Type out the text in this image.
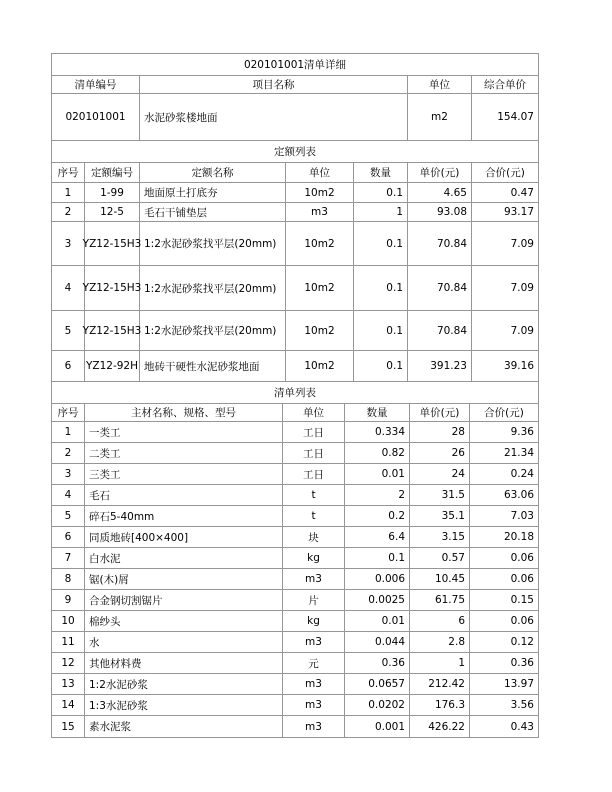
020101001清单详细
清单编号	项目名称	单位	综合单价
020101001	水泥砂浆楼地面	m2	154.07
定额列表
序号	定额编号	定额名称	单位	数量	单价(元)	合价(元)
1	1-99 地面原土打底夯	10m2	0.1	4.65	0.47
2	12-5 毛石干铺垫层	m3	1	93.08	93.17
3	YZ12-15H3 1:2水泥砂浆找平层(20mm)	10m2	0.1	70.84	7.09
4	YZ12-15H3 1:2水泥砂浆找平层(20mm)	10m2	0.1	70.84	7.09
5	YZ12-15H3 1:2水泥砂浆找平层(20mm)	10m2	0.1	70.84	7.09
6	YZ12-92H 地砖干硬性水泥砂浆地面	10m2	0.1	391.23	39.16
清单列表
序号	主材名称、规格、型号	单位	数量	单价(元)	合价(元)
1	一类工	工日	0.334	28	9.36
2	二类工	工日	0.82	26	21.34
3	三类工	工日	0.01	24	0.24
4	毛石	t	2	31.5	63.06
5	碎石5-40mm	t	0.2	35.1	7.03
6	同质地砖[400×400]	块	6.4	3.15	20.18
7	白水泥	kg	0.1	0.57	0.06
8	锯(木)屑	m3	0.006	10.45	0.06
9	合金钢切割锯片	片	0.0025	61.75	0.15
10	棉纱头	kg	0.01	6	0.06
11	水	m3	0.044	2.8	0.12
12	其他材料费	元	0.36	1	0.36
13	1:2水泥砂浆	m3	0.0657	212.42	13.97
14	1:3水泥砂浆	m3	0.0202	176.3	3.56
15	素水泥浆	m3	0.001	426.22	0.43
